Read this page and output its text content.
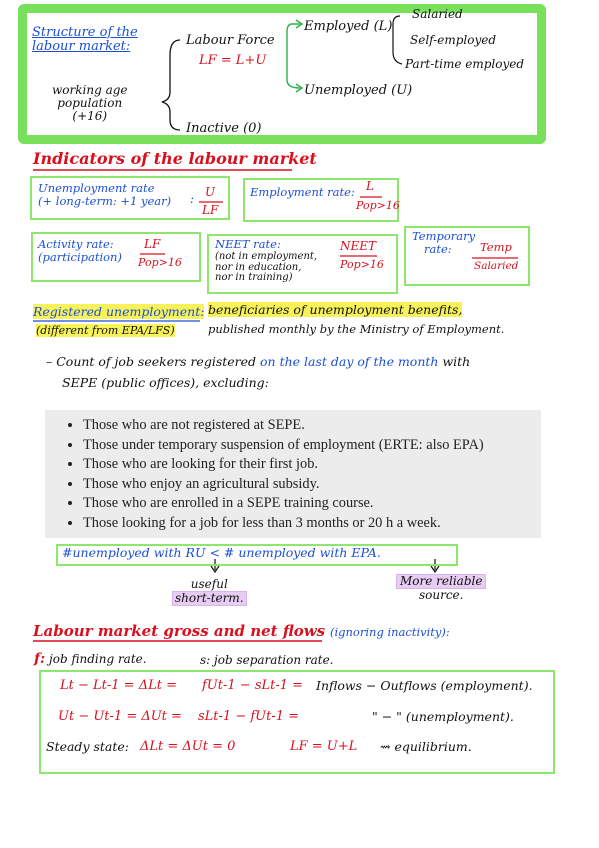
Structure of the
labour market:
working age
population
(+16)
Labour Force
LF = L+U
Inactive (0)
Employed (L)
Unemployed (U)
Salaried
Self-employed
Part-time employed
Indicators of the labour market
Unemployment rate
(+ long-term: +1 year) : U
LF
Employment rate: L
Pop>16
Activity rate:
(participation)
LF
Pop>16
NEET rate:
(not in employment,
nor in education,
nor in training)
NEET
Pop>16
Temporary
rate:	Temp
Salaried
Registered unemployment: beneficiaries of unemployment benefits,
(different from EPA/LFS)	published monthly by the Ministry of Employment.
– Count of job seekers registered on the last day of the month with
SEPE (public offices), excluding:
• Those who are not registered at SEPE.
• Those under temporary suspension of employment (ERTE: also EPA)
• Those who are looking for their first job.
• Those who enjoy an agricultural subsidy.
• Those who are enrolled in a SEPE training course.
• Those looking for a job for less than 3 months or 20 h a week.
#unemployed with RU < # unemployed with EPA.
useful
short-term.
More reliable
source.
Labour market gross and net flows (ignoring inactivity):
f: job finding rate.	s: job separation rate.
Lt − Lt-1 = ΔLt = fUt-1 − sLt-1 = Inflows − Outflows (employment).
Ut − Ut-1 = ΔUt = sLt-1 − fUt-1 =	" − " (unemployment).
Steady state: ΔLt = ΔUt = 0	LF = U+L ⇝ equilibrium.
